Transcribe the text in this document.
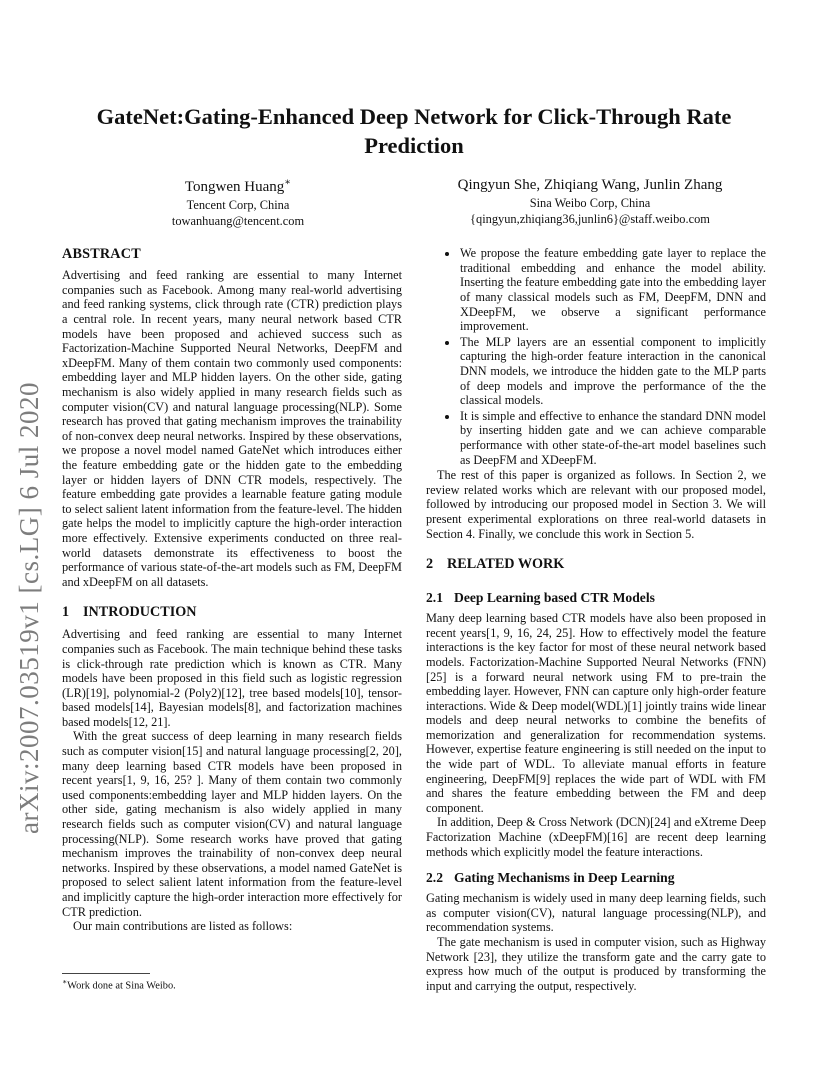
arXiv:2007.03519v1 [cs.LG] 6 Jul 2020
GateNet:Gating-Enhanced Deep Network for Click-Through Rate Prediction
Tongwen Huang∗
Tencent Corp, China
towanhuang@tencent.com
Qingyun She, Zhiqiang Wang, Junlin Zhang
Sina Weibo Corp, China
{qingyun,zhiqiang36,junlin6}@staff.weibo.com
ABSTRACT

Advertising and feed ranking are essential to many Internet companies such as Facebook. Among many real-world advertising and feed ranking systems, click through rate (CTR) prediction plays a central role. In recent years, many neural network based CTR models have been proposed and achieved success such as Factorization-Machine Supported Neural Networks, DeepFM and xDeepFM. Many of them contain two commonly used components: embedding layer and MLP hidden layers. On the other side, gating mechanism is also widely applied in many research fields such as computer vision(CV) and natural language processing(NLP). Some research has proved that gating mechanism improves the trainability of non-convex deep neural networks. Inspired by these observations, we propose a novel model named GateNet which introduces either the feature embedding gate or the hidden gate to the embedding layer or hidden layers of DNN CTR models, respectively. The feature embedding gate provides a learnable feature gating module to select salient latent information from the feature-level. The hidden gate helps the model to implicitly capture the high-order interaction more effectively. Extensive experiments conducted on three real-world datasets demonstrate its effectiveness to boost the performance of various state-of-the-art models such as FM, DeepFM and xDeepFM on all datasets.

1 INTRODUCTION

Advertising and feed ranking are essential to many Internet companies such as Facebook. The main technique behind these tasks is click-through rate prediction which is known as CTR. Many models have been proposed in this field such as logistic regression (LR)[19], polynomial-2 (Poly2)[12], tree based models[10], tensor-based models[14], Bayesian models[8], and factorization machines based models[12, 21].

With the great success of deep learning in many research fields such as computer vision[15] and natural language processing[2, 20], many deep learning based CTR models have been proposed in recent years[1, 9, 16, 25? ]. Many of them contain two commonly used components:embedding layer and MLP hidden layers. On the other side, gating mechanism is also widely applied in many research fields such as computer vision(CV) and natural language processing(NLP). Some research works have proved that gating mechanism improves the trainability of non-convex deep neural networks. Inspired by these observations, a model named GateNet is proposed to select salient latent information from the feature-level and implicitly capture the high-order interaction more effectively for CTR prediction.

Our main contributions are listed as follows:

∗Work done at Sina Weibo.
• We propose the feature embedding gate layer to replace the traditional embedding and enhance the model ability. Inserting the feature embedding gate into the embedding layer of many classical models such as FM, DeepFM, DNN and XDeepFM, we observe a significant performance improvement.
• The MLP layers are an essential component to implicitly capturing the high-order feature interaction in the canonical DNN models, we introduce the hidden gate to the MLP parts of deep models and improve the performance of the the classical models.
• It is simple and effective to enhance the standard DNN model by inserting hidden gate and we can achieve comparable performance with other state-of-the-art model baselines such as DeepFM and XDeepFM.

The rest of this paper is organized as follows. In Section 2, we review related works which are relevant with our proposed model, followed by introducing our proposed model in Section 3. We will present experimental explorations on three real-world datasets in Section 4. Finally, we conclude this work in Section 5.

2 RELATED WORK
2.1 Deep Learning based CTR Models

Many deep learning based CTR models have also been proposed in recent years[1, 9, 16, 24, 25]. How to effectively model the feature interactions is the key factor for most of these neural network based models. Factorization-Machine Supported Neural Networks (FNN)[25] is a forward neural network using FM to pre-train the embedding layer. However, FNN can capture only high-order feature interactions. Wide & Deep model(WDL)[1] jointly trains wide linear models and deep neural networks to combine the benefits of memorization and generalization for recommendation systems. However, expertise feature engineering is still needed on the input to the wide part of WDL. To alleviate manual efforts in feature engineering, DeepFM[9] replaces the wide part of WDL with FM and shares the feature embedding between the FM and deep component.

In addition, Deep & Cross Network (DCN)[24] and eXtreme Deep Factorization Machine (xDeepFM)[16] are recent deep learning methods which explicitly model the feature interactions.

2.2 Gating Mechanisms in Deep Learning

Gating mechanism is widely used in many deep learning fields, such as computer vision(CV), natural language processing(NLP), and recommendation systems.

The gate mechanism is used in computer vision, such as Highway Network [23], they utilize the transform gate and the carry gate to express how much of the output is produced by transforming the input and carrying the output, respectively.
